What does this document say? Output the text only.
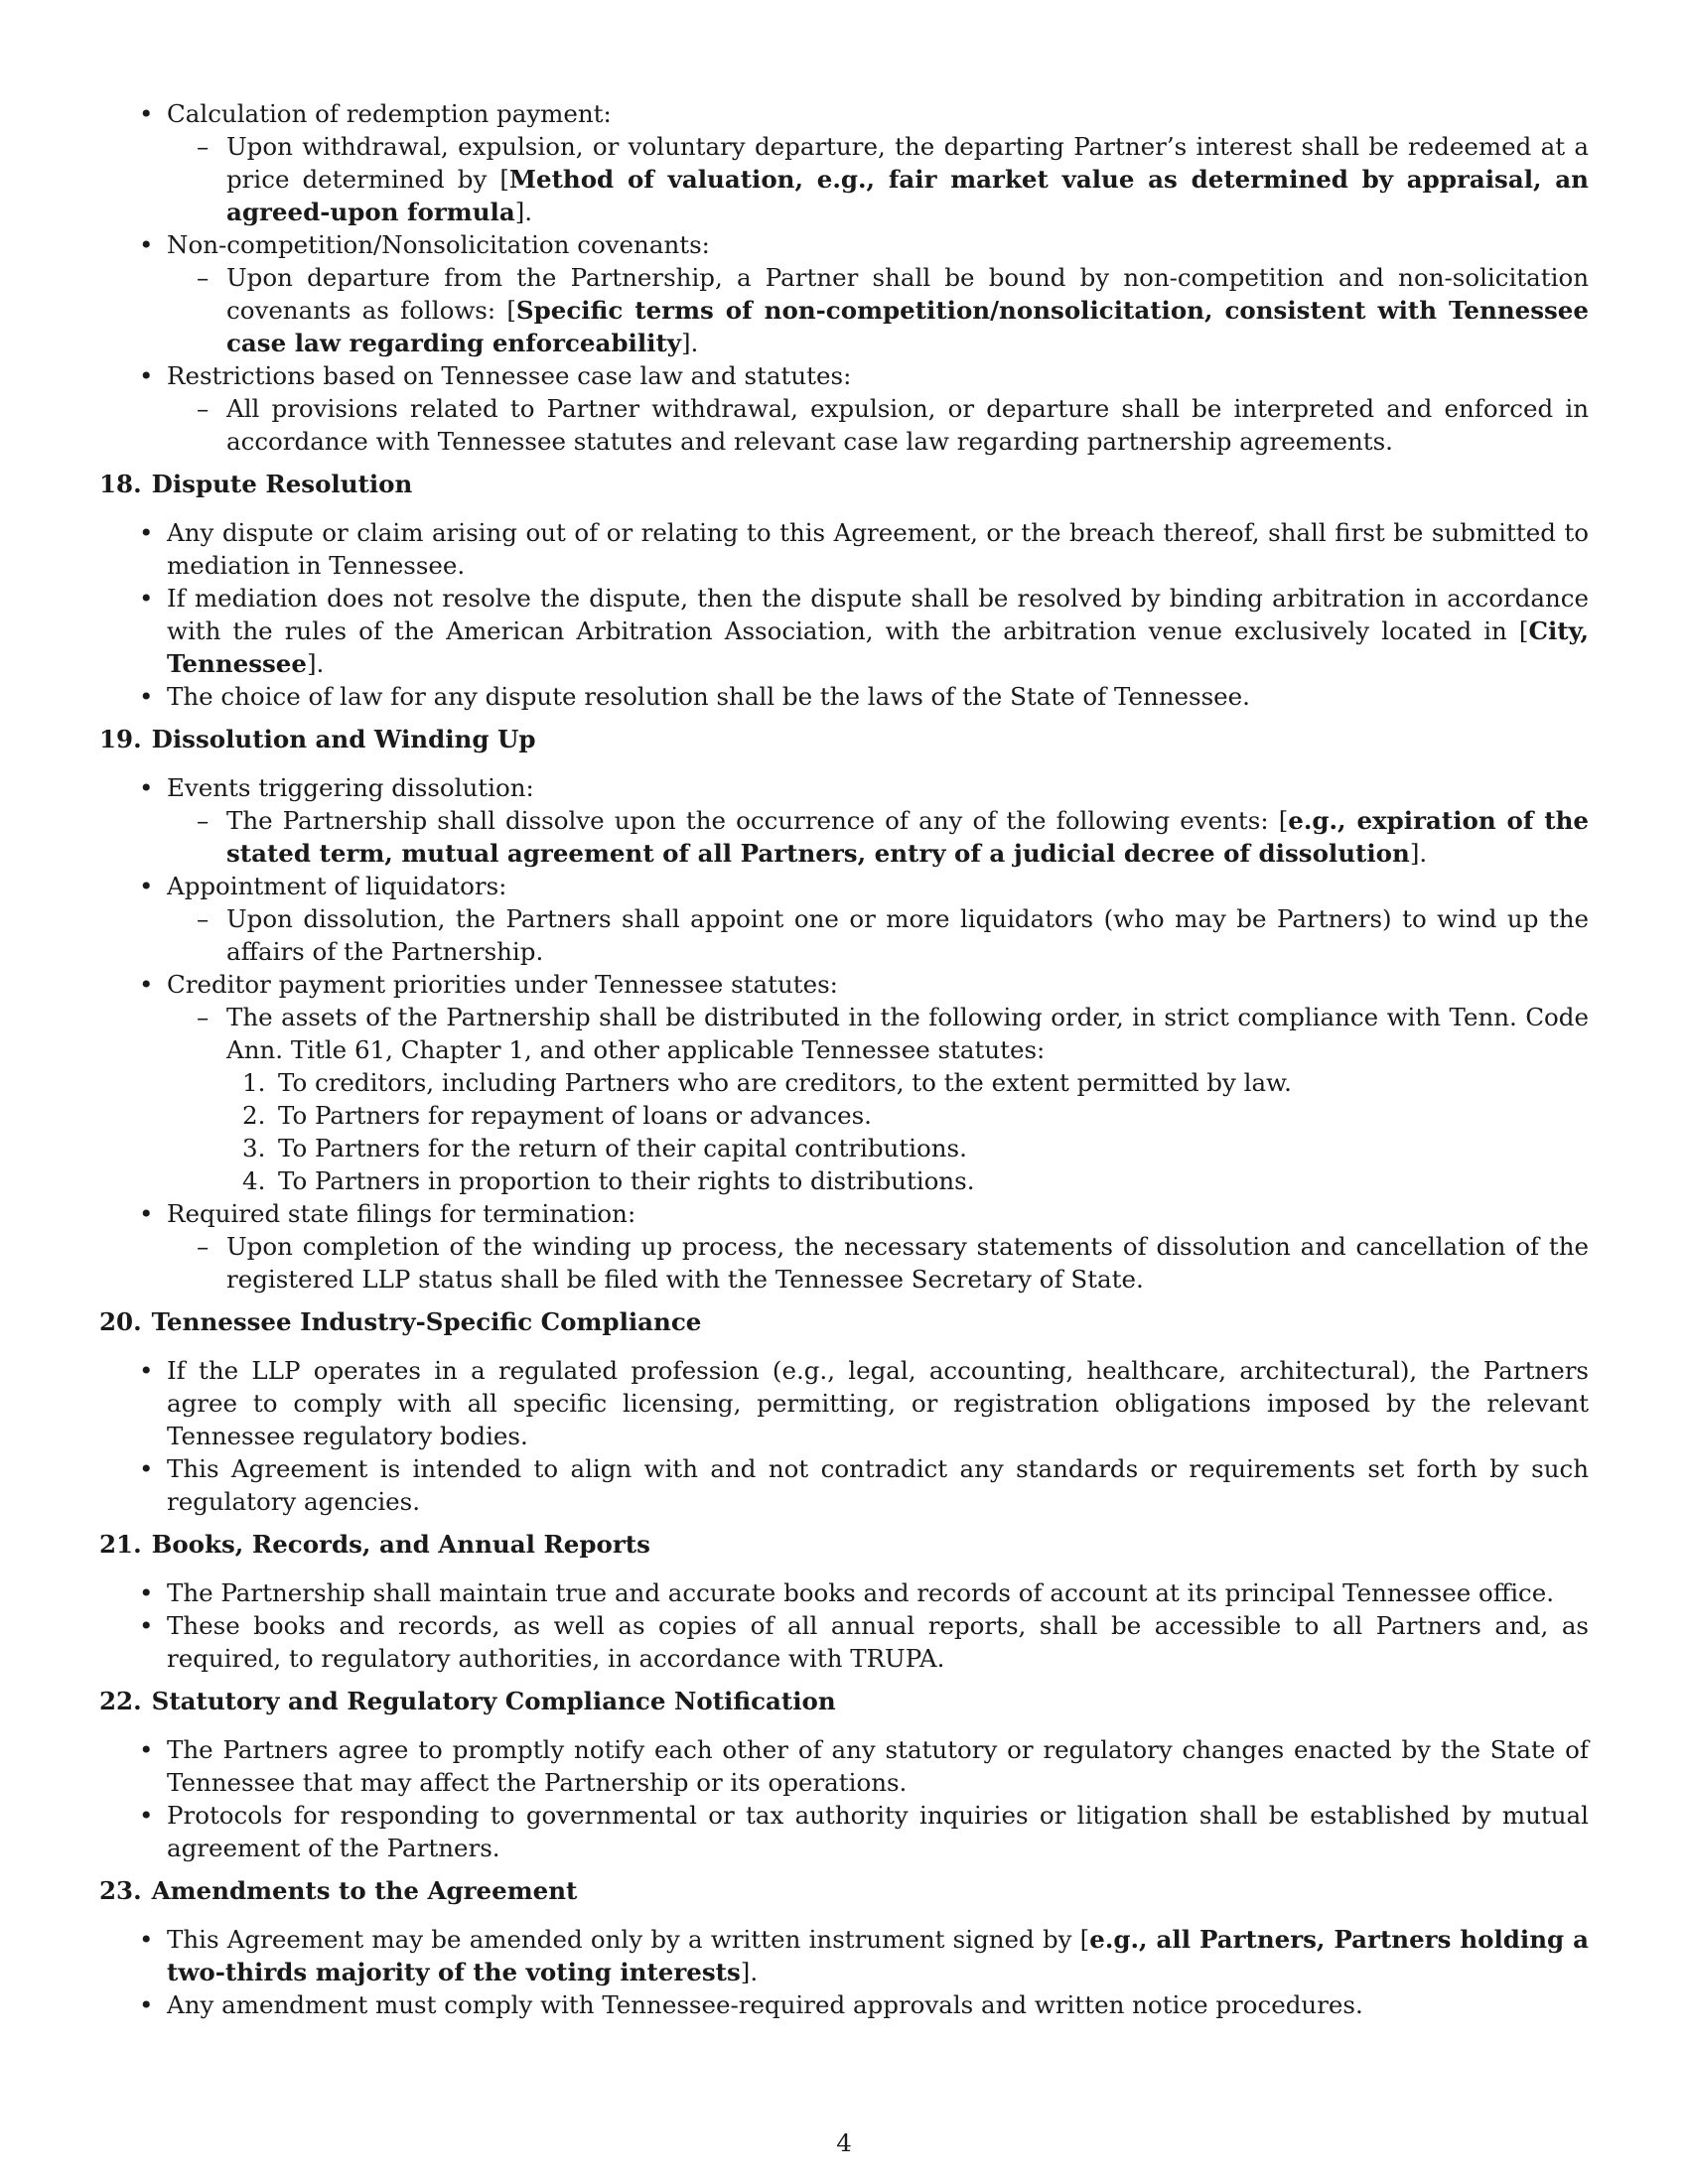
• Calculation of redemption payment:
– Upon withdrawal, expulsion, or voluntary departure, the departing Partner’s interest shall be redeemed at a price determined by [Method of valuation, e.g., fair market value as determined by appraisal, an agreed-upon formula].
• Non-competition/Nonsolicitation covenants:
– Upon departure from the Partnership, a Partner shall be bound by non-competition and non-solicitation covenants as follows: [Specific terms of non-competition/nonsolicitation, consistent with Tennessee case law regarding enforceability].
• Restrictions based on Tennessee case law and statutes:
– All provisions related to Partner withdrawal, expulsion, or departure shall be interpreted and enforced in accordance with Tennessee statutes and relevant case law regarding partnership agreements.
18. Dispute Resolution
• Any dispute or claim arising out of or relating to this Agreement, or the breach thereof, shall first be submitted to mediation in Tennessee.
• If mediation does not resolve the dispute, then the dispute shall be resolved by binding arbitration in accordance with the rules of the American Arbitration Association, with the arbitration venue exclusively located in [City, Tennessee].
• The choice of law for any dispute resolution shall be the laws of the State of Tennessee.
19. Dissolution and Winding Up
• Events triggering dissolution:
– The Partnership shall dissolve upon the occurrence of any of the following events: [e.g., expiration of the stated term, mutual agreement of all Partners, entry of a judicial decree of dissolution].
• Appointment of liquidators:
– Upon dissolution, the Partners shall appoint one or more liquidators (who may be Partners) to wind up the affairs of the Partnership.
• Creditor payment priorities under Tennessee statutes:
– The assets of the Partnership shall be distributed in the following order, in strict compliance with Tenn. Code Ann. Title 61, Chapter 1, and other applicable Tennessee statutes:
1. To creditors, including Partners who are creditors, to the extent permitted by law.
2. To Partners for repayment of loans or advances.
3. To Partners for the return of their capital contributions.
4. To Partners in proportion to their rights to distributions.
• Required state filings for termination:
– Upon completion of the winding up process, the necessary statements of dissolution and cancellation of the registered LLP status shall be filed with the Tennessee Secretary of State.
20. Tennessee Industry-Specific Compliance
• If the LLP operates in a regulated profession (e.g., legal, accounting, healthcare, architectural), the Partners agree to comply with all specific licensing, permitting, or registration obligations imposed by the relevant Tennessee regulatory bodies.
• This Agreement is intended to align with and not contradict any standards or requirements set forth by such regulatory agencies.
21. Books, Records, and Annual Reports
• The Partnership shall maintain true and accurate books and records of account at its principal Tennessee office.
• These books and records, as well as copies of all annual reports, shall be accessible to all Partners and, as required, to regulatory authorities, in accordance with TRUPA.
22. Statutory and Regulatory Compliance Notification
• The Partners agree to promptly notify each other of any statutory or regulatory changes enacted by the State of Tennessee that may affect the Partnership or its operations.
• Protocols for responding to governmental or tax authority inquiries or litigation shall be established by mutual agreement of the Partners.
23. Amendments to the Agreement
• This Agreement may be amended only by a written instrument signed by [e.g., all Partners, Partners holding a two-thirds majority of the voting interests].
• Any amendment must comply with Tennessee-required approvals and written notice procedures.
4
